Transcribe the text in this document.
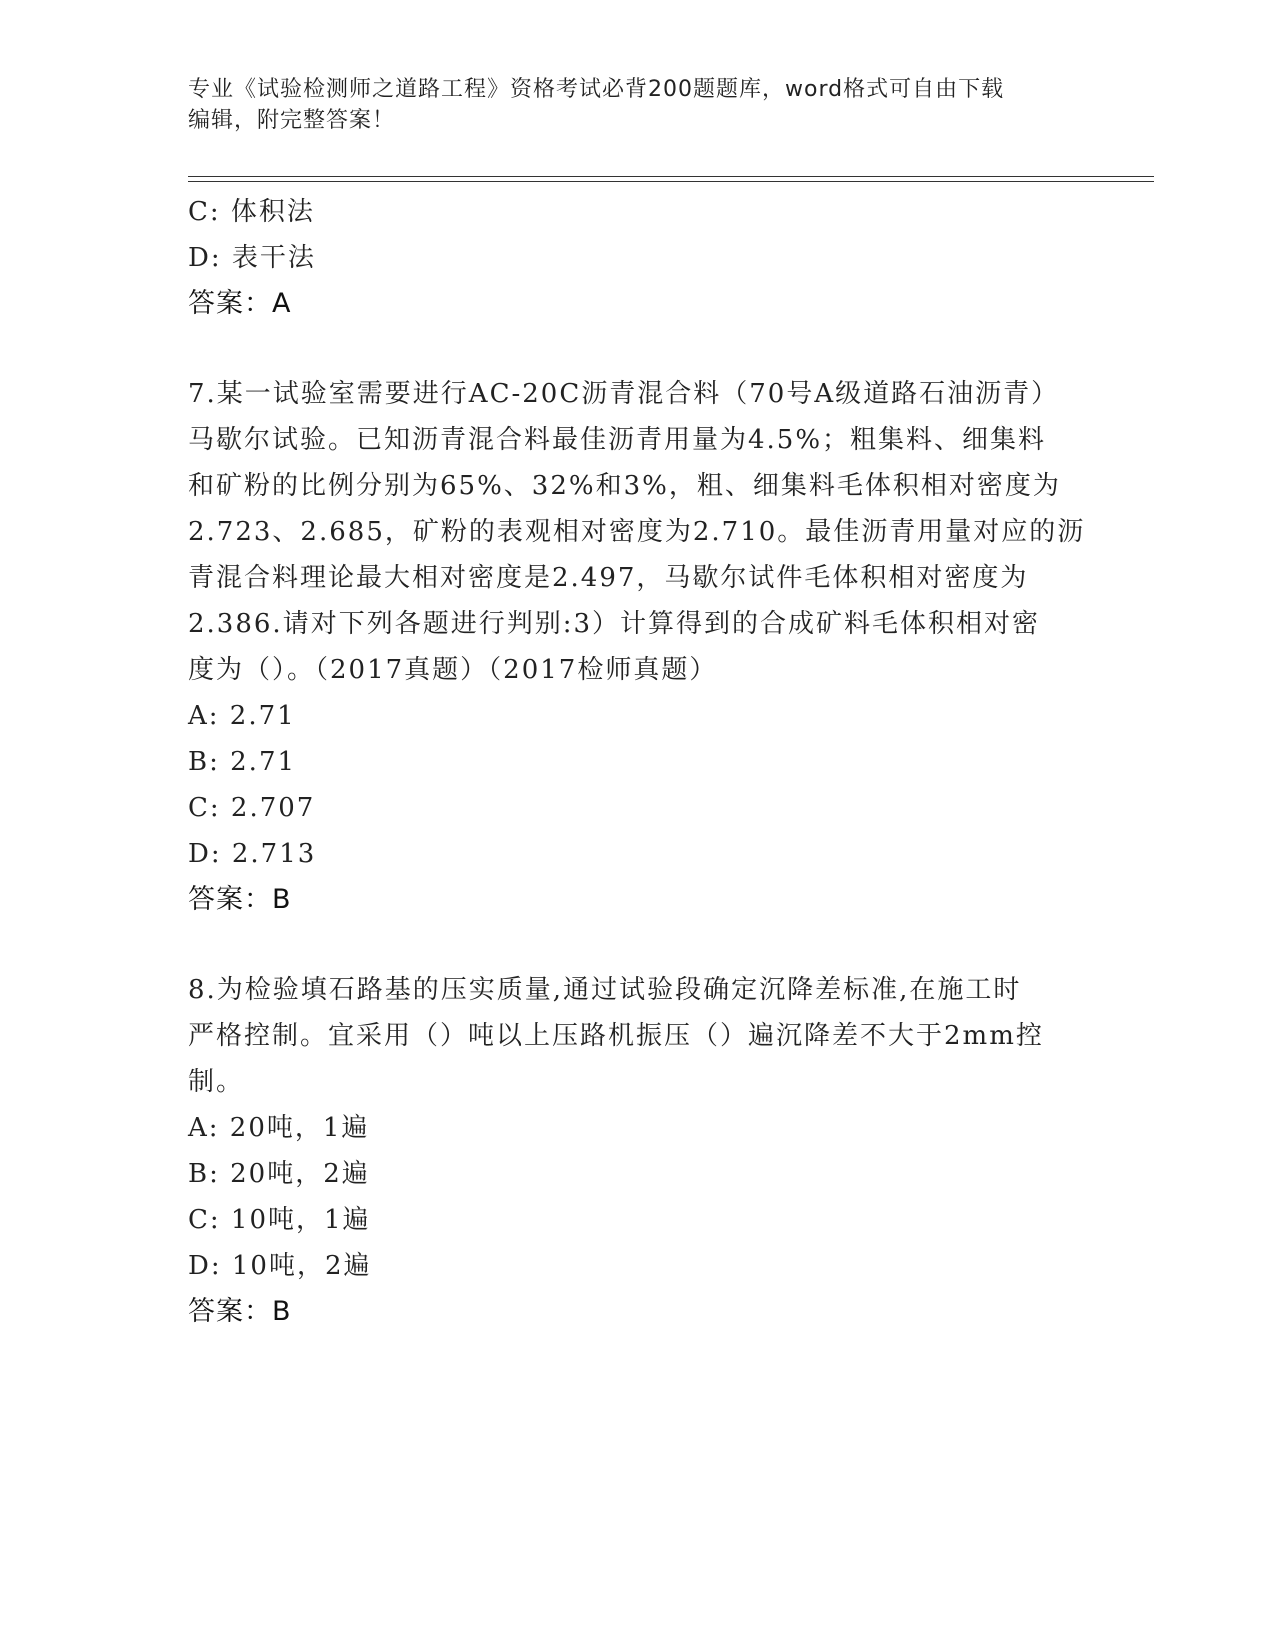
专业《试验检测师之道路工程》资格考试必背200题题库，word格式可自由下载
编辑，附完整答案！
C: 体积法
D: 表干法
答案：A
7.某一试验室需要进行AC-20C沥青混合料（70号A级道路石油沥青）
马歇尔试验。已知沥青混合料最佳沥青用量为4.5%；粗集料、细集料
和矿粉的比例分别为65%、32%和3%，粗、细集料毛体积相对密度为
2.723、2.685，矿粉的表观相对密度为2.710。最佳沥青用量对应的沥
青混合料理论最大相对密度是2.497，马歇尔试件毛体积相对密度为
2.386.请对下列各题进行判别:3）计算得到的合成矿料毛体积相对密
度为（）。（2017真题）（2017检师真题）
A: 2.71
B: 2.71
C: 2.707
D: 2.713
答案：B
8.为检验填石路基的压实质量,通过试验段确定沉降差标准,在施工时
严格控制。宜采用（）吨以上压路机振压（）遍沉降差不大于2mm控
制。
A: 20吨，1遍
B: 20吨，2遍
C: 10吨，1遍
D: 10吨，2遍
答案：B
